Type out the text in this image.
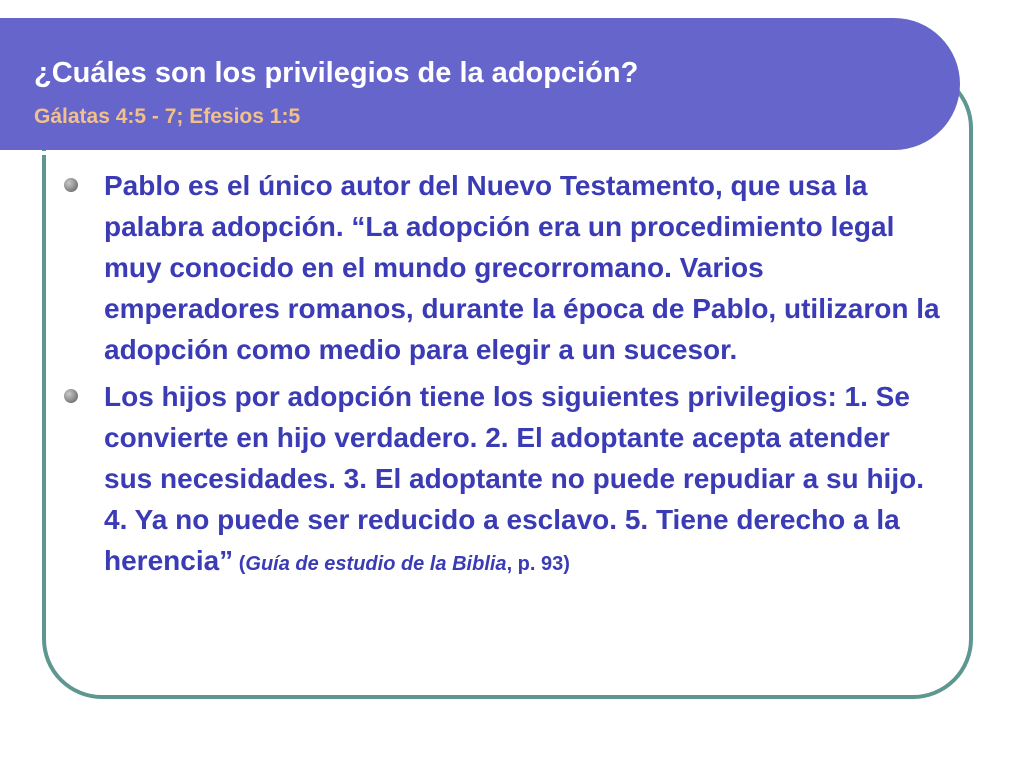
¿Cuáles son los privilegios de la adopción?
Gálatas 4:5 - 7; Efesios 1:5
Pablo es el único autor del Nuevo Testamento, que usa la palabra adopción. “La adopción era un procedimiento legal muy conocido en el mundo grecorromano. Varios emperadores romanos, durante la época de Pablo, utilizaron la adopción como medio para elegir a un sucesor.
Los hijos por adopción tiene los siguientes privilegios: 1. Se convierte en hijo verdadero. 2. El adoptante acepta atender sus necesidades. 3. El adoptante no puede repudiar a su hijo. 4. Ya no puede ser reducido a esclavo. 5. Tiene derecho a la herencia” (Guía de estudio de la Biblia, p. 93)
